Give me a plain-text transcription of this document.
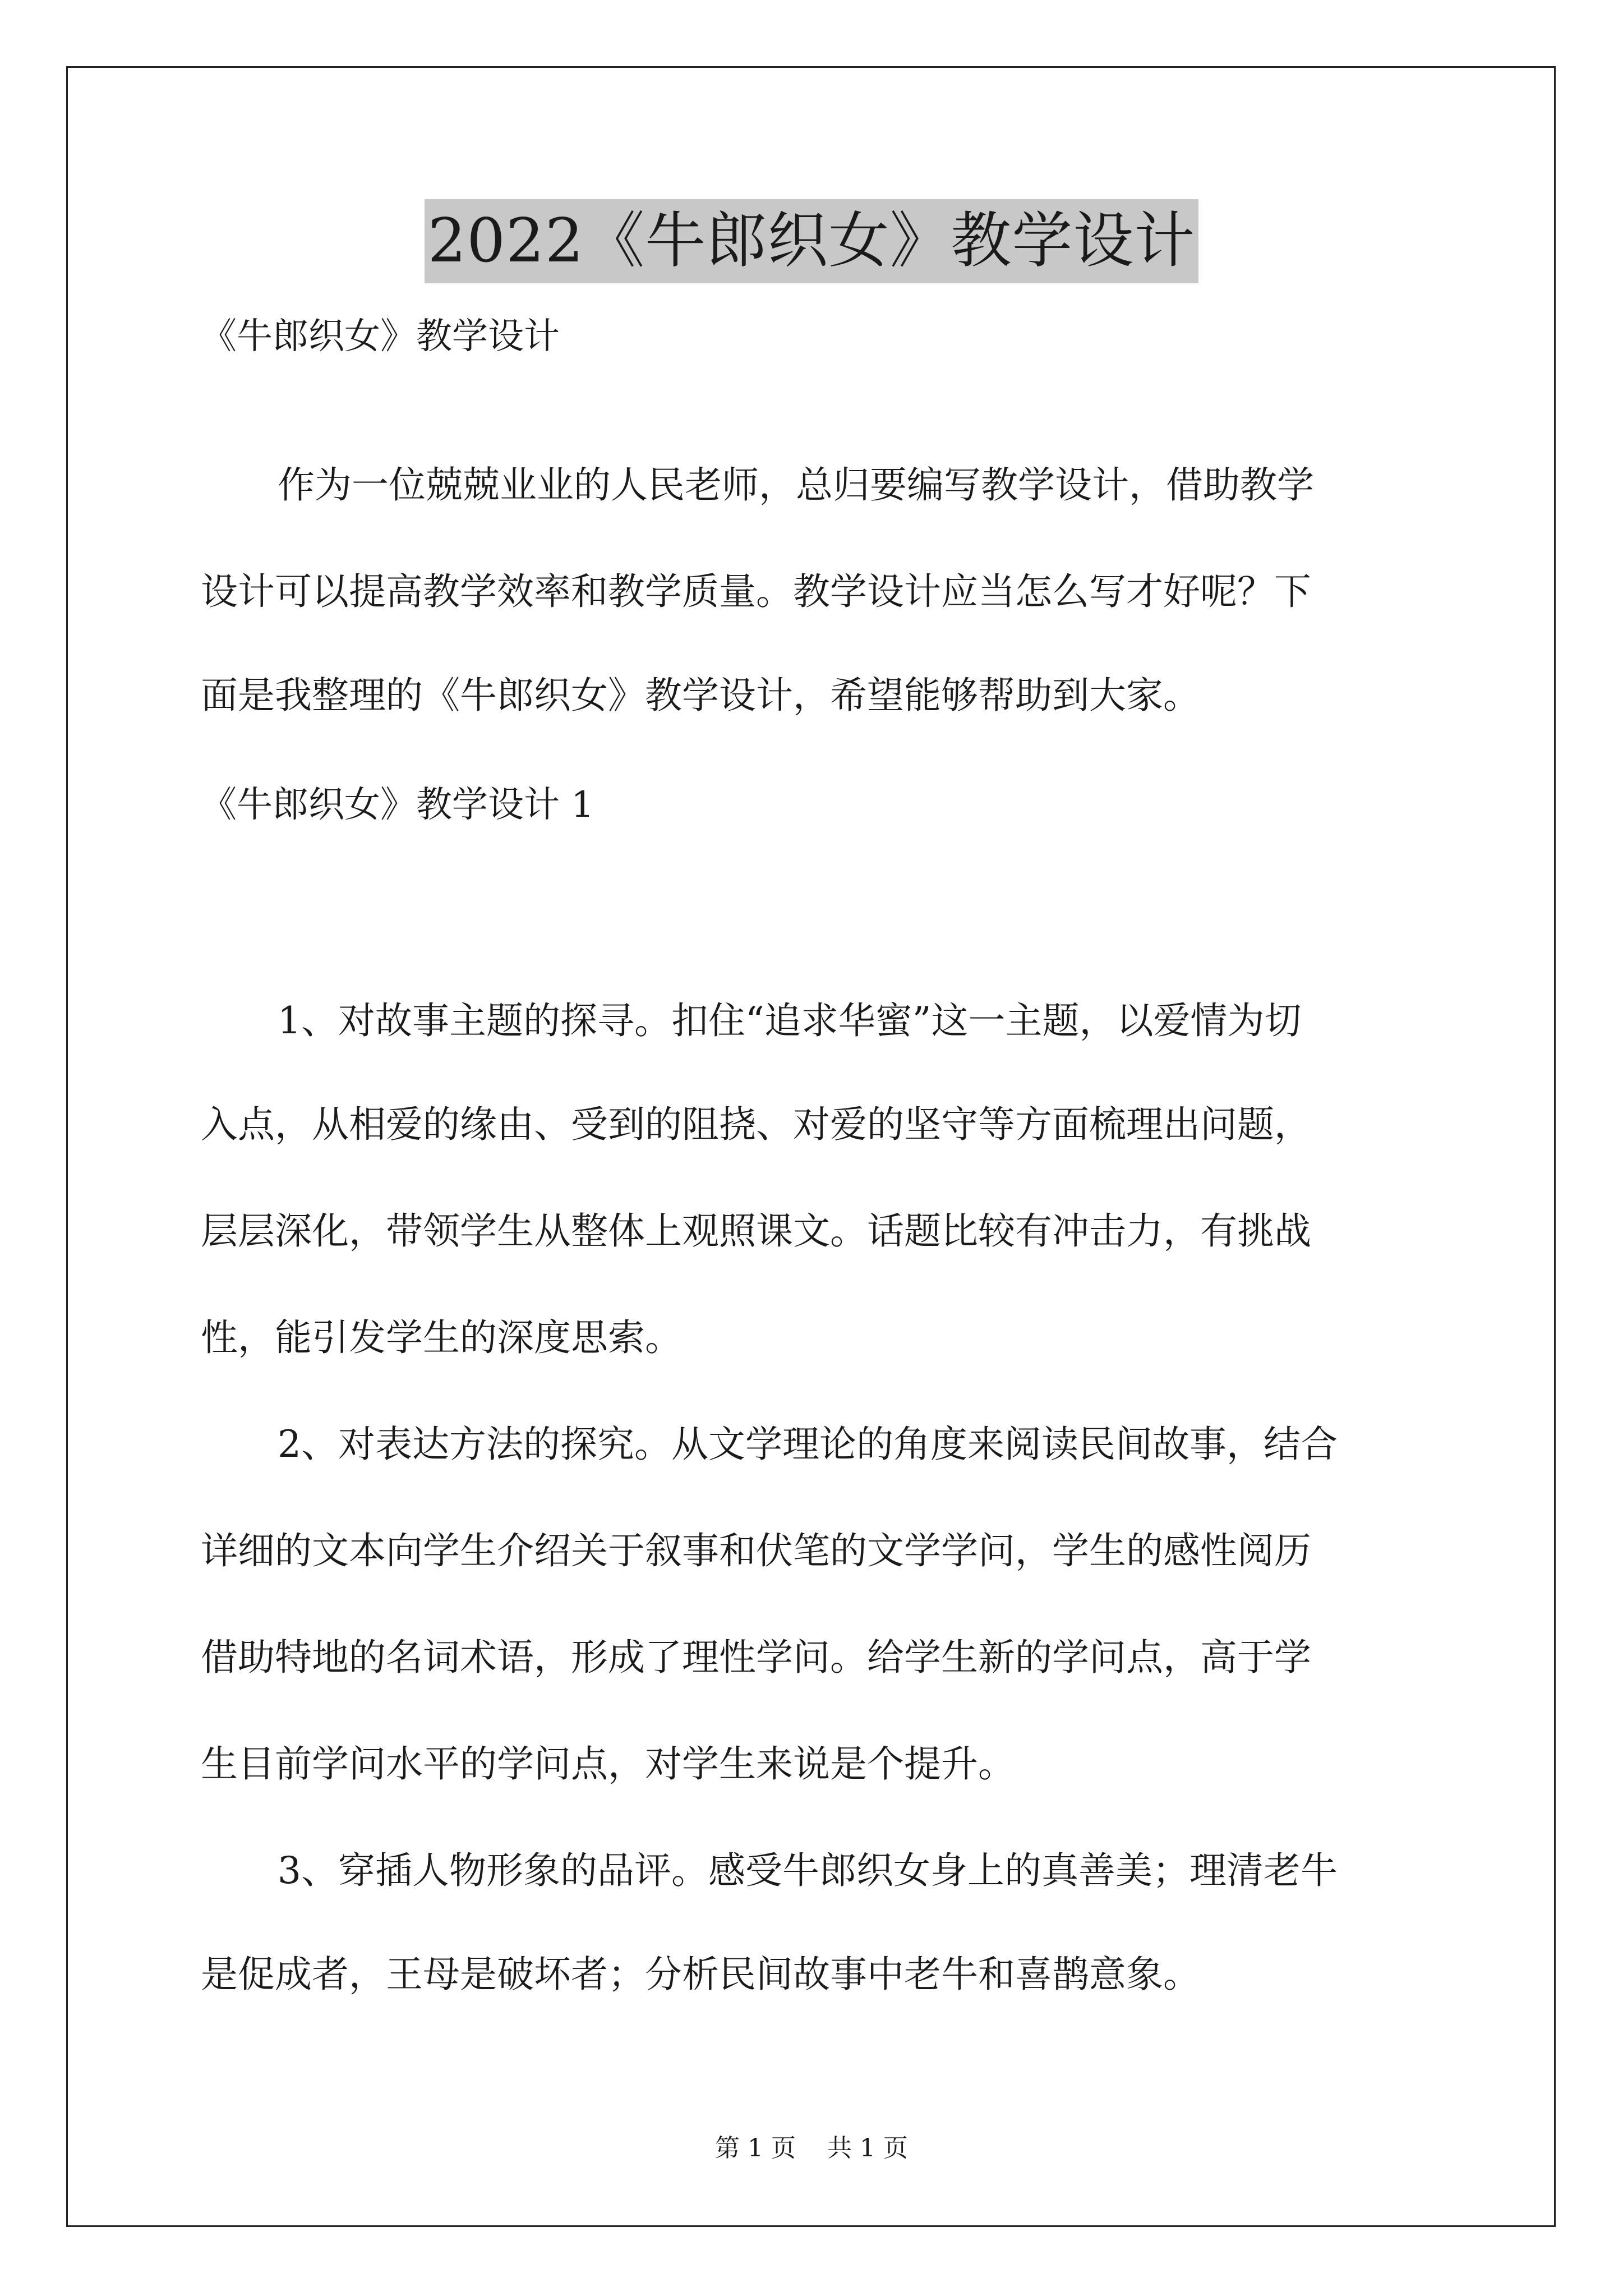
2022《牛郎织女》教学设计
《牛郎织女》教学设计
作为一位兢兢业业的人民老师，总归要编写教学设计，借助教学
设计可以提高教学效率和教学质量。教学设计应当怎么写才好呢？下
面是我整理的《牛郎织女》教学设计，希望能够帮助到大家。
《牛郎织女》教学设计 1
1、对故事主题的探寻。扣住“追求华蜜”这一主题，以爱情为切
入点，从相爱的缘由、受到的阻挠、对爱的坚守等方面梳理出问题，
层层深化，带领学生从整体上观照课文。话题比较有冲击力，有挑战
性，能引发学生的深度思索。
2、对表达方法的探究。从文学理论的角度来阅读民间故事，结合
详细的文本向学生介绍关于叙事和伏笔的文学学问，学生的感性阅历
借助特地的名词术语，形成了理性学问。给学生新的学问点，高于学
生目前学问水平的学问点，对学生来说是个提升。
3、穿插人物形象的品评。感受牛郎织女身上的真善美；理清老牛
是促成者，王母是破坏者；分析民间故事中老牛和喜鹊意象。
第 1 页 共 1 页
